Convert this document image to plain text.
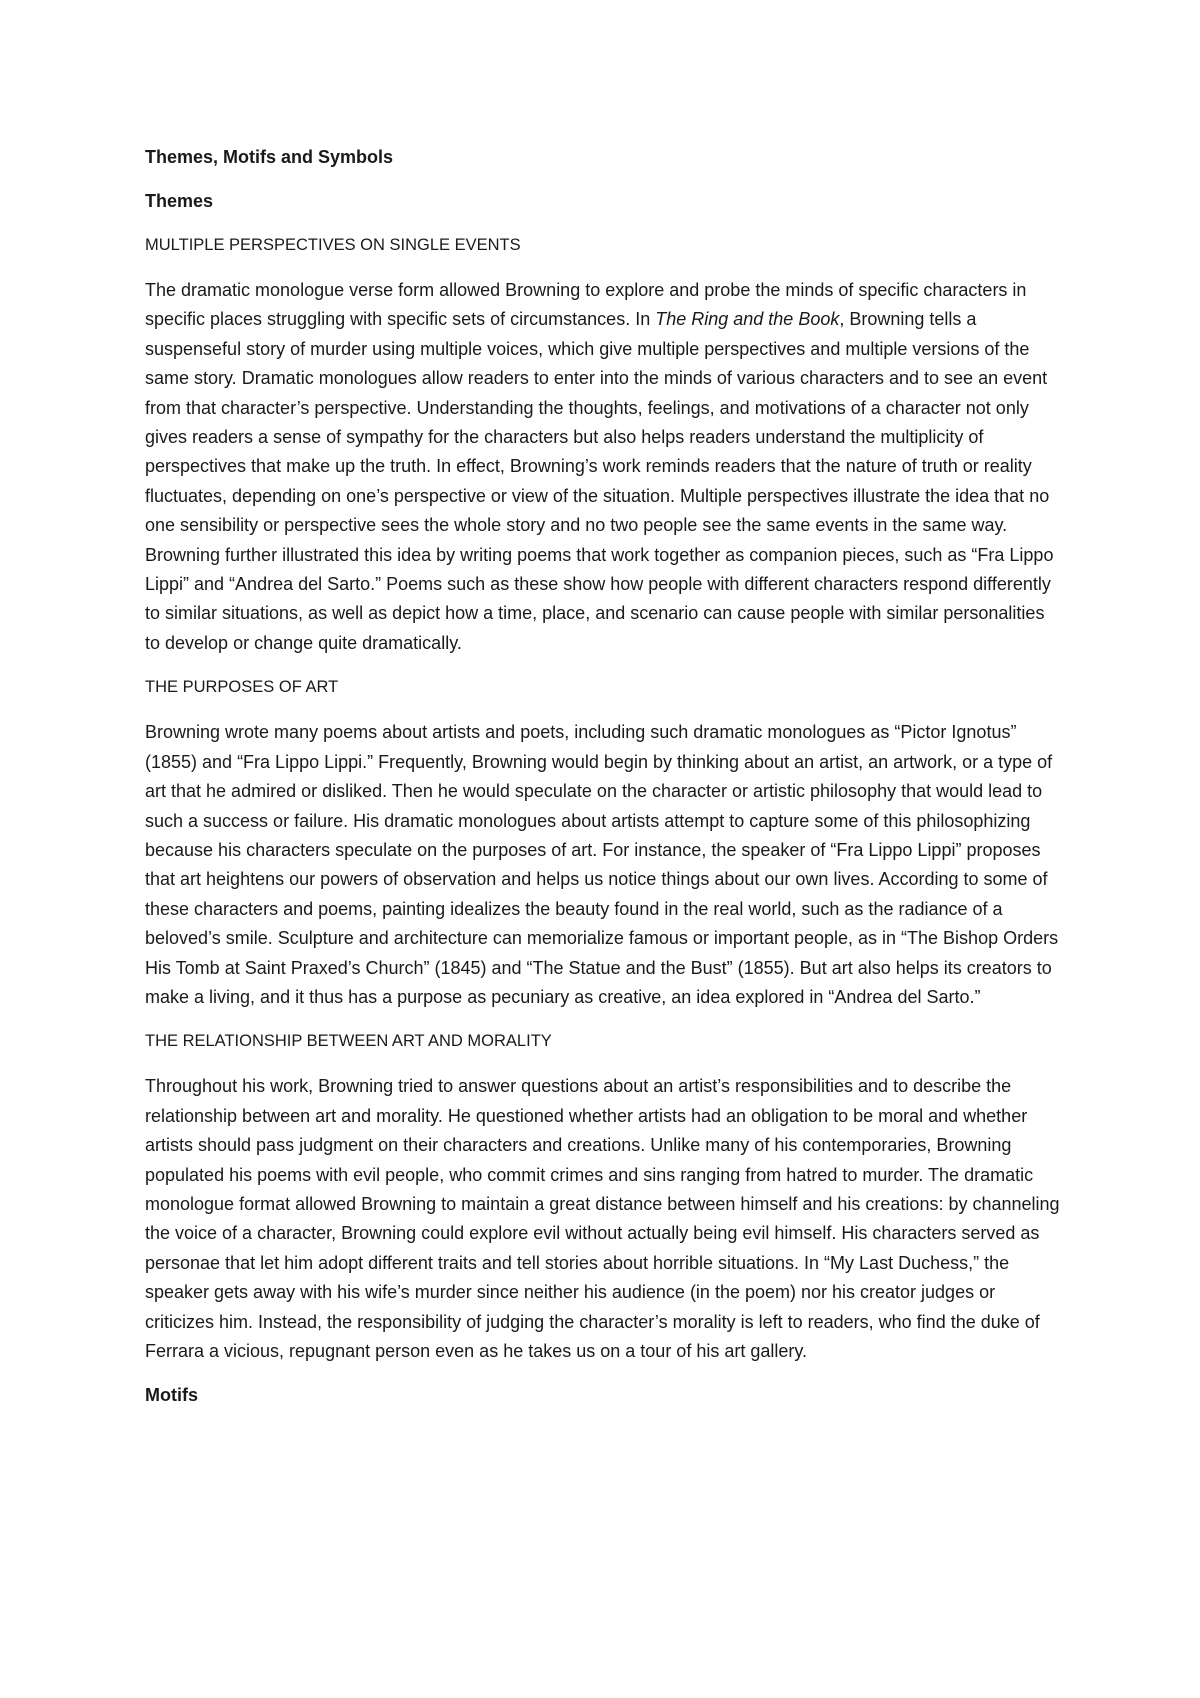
Themes, Motifs and Symbols
Themes
MULTIPLE PERSPECTIVES ON SINGLE EVENTS

The dramatic monologue verse form allowed Browning to explore and probe the minds of specific characters in specific places struggling with specific sets of circumstances. In The Ring and the Book, Browning tells a suspenseful story of murder using multiple voices, which give multiple perspectives and multiple versions of the same story. Dramatic monologues allow readers to enter into the minds of various characters and to see an event from that character’s perspective. Understanding the thoughts, feelings, and motivations of a character not only gives readers a sense of sympathy for the characters but also helps readers understand the multiplicity of perspectives that make up the truth. In effect, Browning’s work reminds readers that the nature of truth or reality fluctuates, depending on one’s perspective or view of the situation. Multiple perspectives illustrate the idea that no one sensibility or perspective sees the whole story and no two people see the same events in the same way. Browning further illustrated this idea by writing poems that work together as companion pieces, such as “Fra Lippo Lippi” and “Andrea del Sarto.” Poems such as these show how people with different characters respond differently to similar situations, as well as depict how a time, place, and scenario can cause people with similar personalities to develop or change quite dramatically.

THE PURPOSES OF ART

Browning wrote many poems about artists and poets, including such dramatic monologues as “Pictor Ignotus” (1855) and “Fra Lippo Lippi.” Frequently, Browning would begin by thinking about an artist, an artwork, or a type of art that he admired or disliked. Then he would speculate on the character or artistic philosophy that would lead to such a success or failure. His dramatic monologues about artists attempt to capture some of this philosophizing because his characters speculate on the purposes of art. For instance, the speaker of “Fra Lippo Lippi” proposes that art heightens our powers of observation and helps us notice things about our own lives. According to some of these characters and poems, painting idealizes the beauty found in the real world, such as the radiance of a beloved’s smile. Sculpture and architecture can memorialize famous or important people, as in “The Bishop Orders His Tomb at Saint Praxed’s Church” (1845) and “The Statue and the Bust” (1855). But art also helps its creators to make a living, and it thus has a purpose as pecuniary as creative, an idea explored in “Andrea del Sarto.”

THE RELATIONSHIP BETWEEN ART AND MORALITY

Throughout his work, Browning tried to answer questions about an artist’s responsibilities and to describe the relationship between art and morality. He questioned whether artists had an obligation to be moral and whether artists should pass judgment on their characters and creations. Unlike many of his contemporaries, Browning populated his poems with evil people, who commit crimes and sins ranging from hatred to murder. The dramatic monologue format allowed Browning to maintain a great distance between himself and his creations: by channeling the voice of a character, Browning could explore evil without actually being evil himself. His characters served as personae that let him adopt different traits and tell stories about horrible situations. In “My Last Duchess,” the speaker gets away with his wife’s murder since neither his audience (in the poem) nor his creator judges or criticizes him. Instead, the responsibility of judging the character’s morality is left to readers, who find the duke of Ferrara a vicious, repugnant person even as he takes us on a tour of his art gallery.

Motifs
